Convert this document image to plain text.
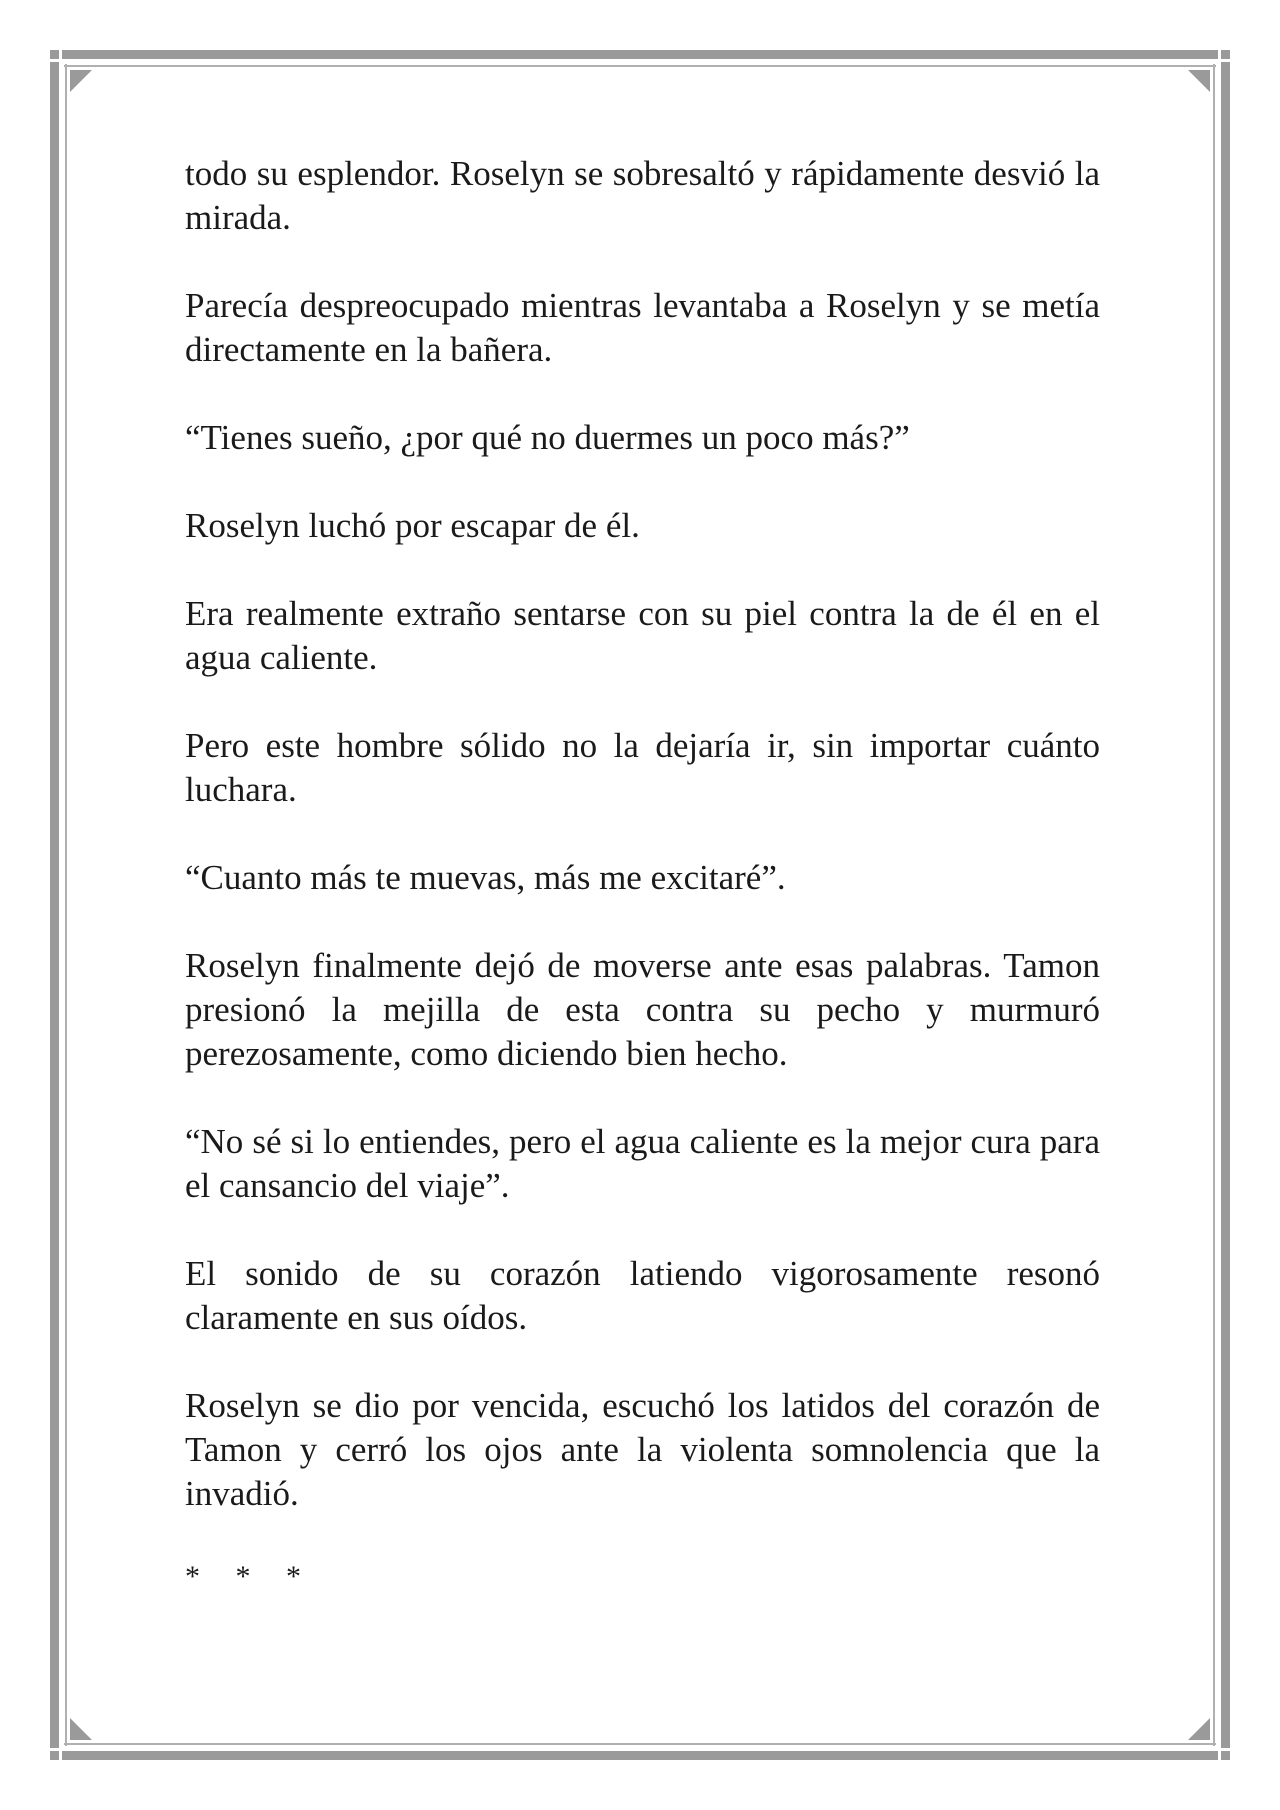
todo su esplendor. Roselyn se sobresaltó y rápidamente desvió la mirada.

Parecía despreocupado mientras levantaba a Roselyn y se metía directamente en la bañera.

“Tienes sueño, ¿por qué no duermes un poco más?”

Roselyn luchó por escapar de él.

Era realmente extraño sentarse con su piel contra la de él en el agua caliente.

Pero este hombre sólido no la dejaría ir, sin importar cuánto luchara.

“Cuanto más te muevas, más me excitaré”.

Roselyn finalmente dejó de moverse ante esas palabras. Tamon presionó la mejilla de esta contra su pecho y murmuró perezosamente, como diciendo bien hecho.

“No sé si lo entiendes, pero el agua caliente es la mejor cura para el cansancio del viaje”.

El sonido de su corazón latiendo vigorosamente resonó claramente en sus oídos.

Roselyn se dio por vencida, escuchó los latidos del corazón de Tamon y cerró los ojos ante la violenta somnolencia que la invadió.

* * *
